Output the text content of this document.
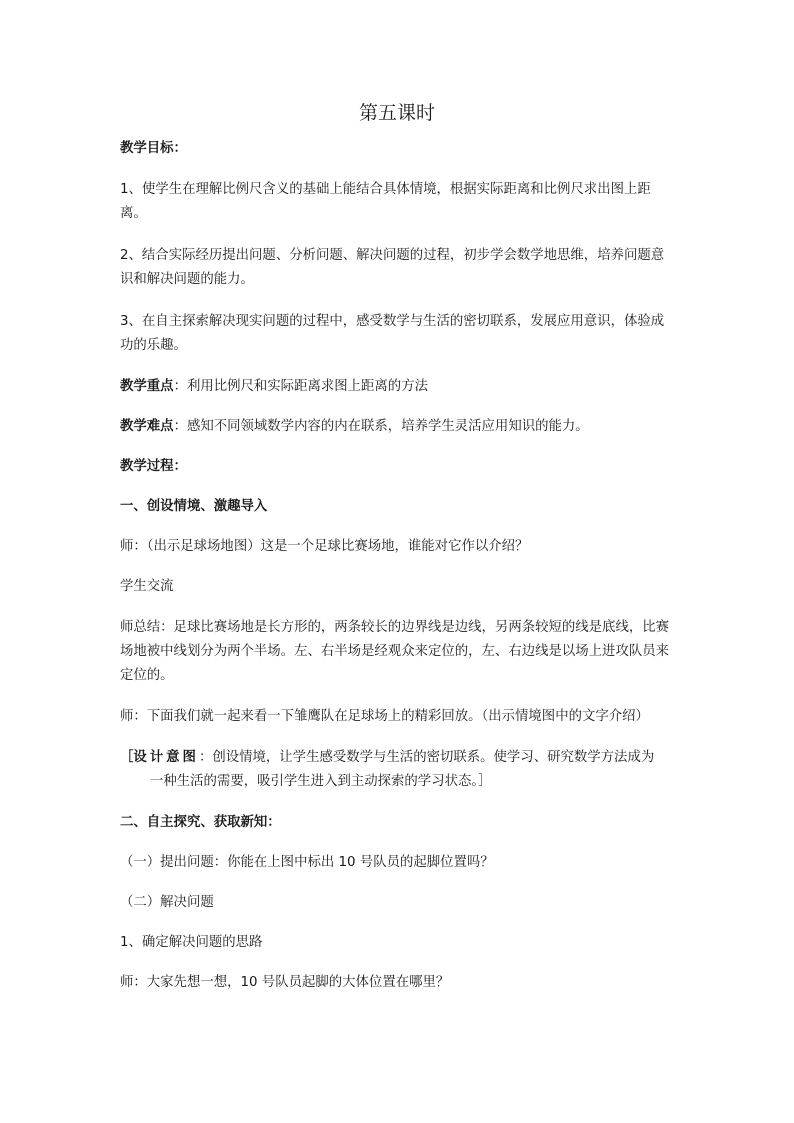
第五课时

教学目标：

1、使学生在理解比例尺含义的基础上能结合具体情境，根据实际距离和比例尺求出图上距离。

2、结合实际经历提出问题、分析问题、解决问题的过程，初步学会数学地思维，培养问题意识和解决问题的能力。

3、在自主探索解决现实问题的过程中，感受数学与生活的密切联系，发展应用意识，体验成功的乐趣。

教学重点：利用比例尺和实际距离求图上距离的方法

教学难点：感知不同领域数学内容的内在联系，培养学生灵活应用知识的能力。

教学过程：

一、创设情境、激趣导入

师：（出示足球场地图）这是一个足球比赛场地，谁能对它作以介绍？

学生交流

师总结：足球比赛场地是长方形的，两条较长的边界线是边线，另两条较短的线是底线，比赛场地被中线划分为两个半场。左、右半场是经观众来定位的，左、右边线是以场上进攻队员来定位的。

师：下面我们就一起来看一下雏鹰队在足球场上的精彩回放。（出示情境图中的文字介绍）

［设计意图：创设情境，让学生感受数学与生活的密切联系。使学习、研究数学方法成为
一种生活的需要，吸引学生进入到主动探索的学习状态。］

二、自主探究、获取新知：

（一）提出问题：你能在上图中标出 10 号队员的起脚位置吗？

（二）解决问题

1、确定解决问题的思路

师：大家先想一想，10 号队员起脚的大体位置在哪里？
